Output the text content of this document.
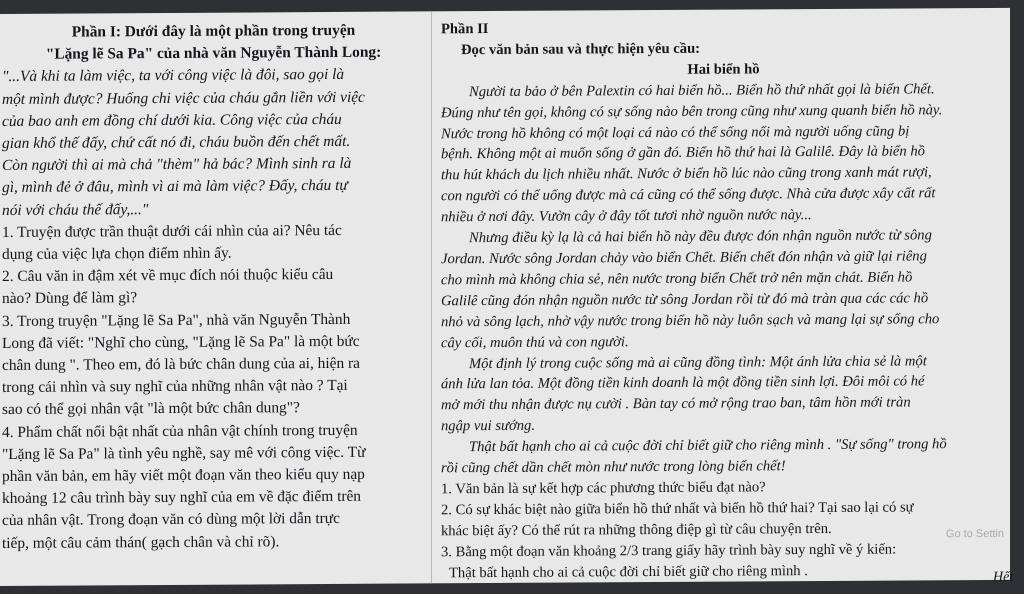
Phần I: Dưới đây là một phần trong truyện

"Lặng lẽ Sa Pa" của nhà văn Nguyễn Thành Long:

"...Và khi ta làm việc, ta với công việc là đôi, sao gọi là

một mình được? Huống chi việc của cháu gắn liền với việc

của bao anh em đồng chí dưới kia. Công việc của cháu

gian khổ thế đấy, chứ cất nó đi, cháu buồn đến chết mất.

Còn người thì ai mà chả "thèm" hả bác? Mình sinh ra là

gì, mình đẻ ở đâu, mình vì ai mà làm việc? Đấy, cháu tự

nói với cháu thế đấy,..."

1. Truyện được trần thuật dưới cái nhìn của ai? Nêu tác

dụng của việc lựa chọn điểm nhìn ấy.

2. Câu văn in đậm xét về mục đích nói thuộc kiểu câu

nào? Dùng để làm gì?

3. Trong truyện "Lặng lẽ Sa Pa", nhà văn Nguyễn Thành

Long đã viết: "Nghĩ cho cùng, "Lặng lẽ Sa Pa" là một bức

chân dung ". Theo em, đó là bức chân dung của ai, hiện ra

trong cái nhìn và suy nghĩ của những nhân vật nào ? Tại

sao có thể gọi nhân vật "là một bức chân dung"?

4. Phẩm chất nổi bật nhất của nhân vật chính trong truyện

"Lặng lẽ Sa Pa" là tình yêu nghề, say mê với công việc. Từ

phần văn bản, em hãy viết một đoạn văn theo kiểu quy nạp

khoảng 12 câu trình bày suy nghĩ của em về đặc điểm trên

của nhân vật. Trong đoạn văn có dùng một lời dẫn trực

tiếp, một câu cảm thán( gạch chân và chỉ rõ).

Phần II

Đọc văn bản sau và thực hiện yêu cầu:

Hai biển hồ

Người ta bảo ở bên Palextin có hai biển hồ... Biển hồ thứ nhất gọi là biển Chết.

Đúng như tên gọi, không có sự sống nào bên trong cũng như xung quanh biển hồ này.

Nước trong hồ không có một loại cá nào có thể sống nổi mà người uống cũng bị

bệnh. Không một ai muốn sống ở gần đó. Biển hồ thứ hai là Galilê. Đây là biển hồ

thu hút khách du lịch nhiều nhất. Nước ở biển hồ lúc nào cũng trong xanh mát rượi,

con người có thể uống được mà cá cũng có thể sống được. Nhà cửa được xây cất rất

nhiều ở nơi đây. Vườn cây ở đây tốt tươi nhờ nguồn nước này...

Nhưng điều kỳ lạ là cả hai biển hồ này đều được đón nhận nguồn nước từ sông

Jordan. Nước sông Jordan chảy vào biển Chết. Biển chết đón nhận và giữ lại riêng

cho mình mà không chia sẻ, nên nước trong biển Chết trở nên mặn chát. Biển hồ

Galilê cũng đón nhận nguồn nước từ sông Jordan rồi từ đó mà tràn qua các các hồ

nhỏ và sông lạch, nhờ vậy nước trong biển hồ này luôn sạch và mang lại sự sống cho

cây cối, muôn thú và con người.

Một định lý trong cuộc sống mà ai cũng đồng tình: Một ánh lửa chia sẻ là một

ánh lửa lan tỏa. Một đồng tiền kinh doanh là một đồng tiền sinh lợi. Đôi môi có hé

mở mới thu nhận được nụ cười . Bàn tay có mở rộng trao ban, tâm hồn mới tràn

ngập vui sướng.

Thật bất hạnh cho ai cả cuộc đời chỉ biết giữ cho riêng mình . "Sự sống" trong hồ

rồi cũng chết dần chết mòn như nước trong lòng biển chết!

1. Văn bản là sự kết hợp các phương thức biểu đạt nào?

2. Có sự khác biệt nào giữa biển hồ thứ nhất và biển hồ thứ hai? Tại sao lại có sự

khác biệt ấy? Có thể rút ra những thông điệp gì từ câu chuyện trên.

3. Bằng một đoạn văn khoảng 2/3 trang giấy hãy trình bày suy nghĩ về ý kiến:

Thật bất hạnh cho ai cả cuộc đời chỉ biết giữ cho riêng mình .

Go to Settin
Hết
